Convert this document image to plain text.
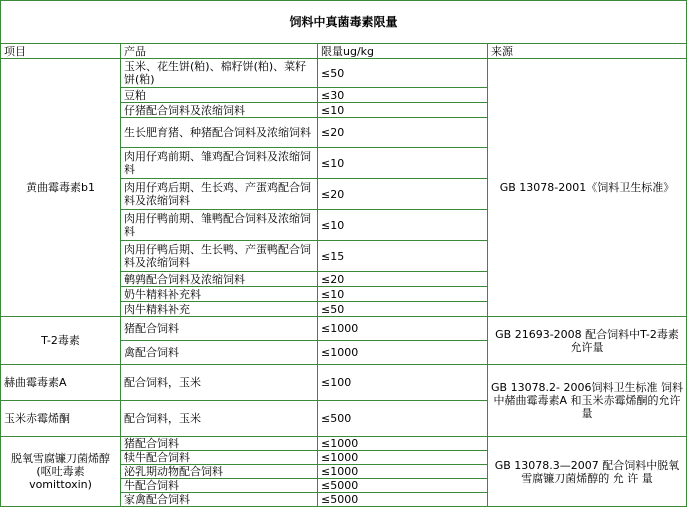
饲料中真菌毒素限量			
项目	产品	限量ug/kg	来源
黄曲霉毒素b1	玉米、花生饼(粕)、棉籽饼(粕)、菜籽饼(粕)	≤50	GB 13078-2001《饲料卫生标准》
	豆粕	≤30	
	仔猪配合饲料及浓缩饲料	≤10	
	生长肥育猪、种猪配合饲料及浓缩饲料	≤20	
	肉用仔鸡前期、雏鸡配合饲料及浓缩饲料	≤10	
	肉用仔鸡后期、生长鸡、产蛋鸡配合饲料及浓缩饲料	≤20	
	肉用仔鸭前期、雏鸭配合饲料及浓缩饲料	≤10	
	肉用仔鸭后期、生长鸭、产蛋鸭配合饲料及浓缩饲料	≤15	
	鹌鹑配合饲料及浓缩饲料	≤20	
	奶牛精料补充料	≤10	
	肉牛精料补充	≤50	
T-2毒素	猪配合饲料	≤1000	GB 21693-2008 配合饲料中T-2毒素允许量
	禽配合饲料	≤1000	
赫曲霉毒素A	配合饲料，玉米	≤100	GB 13078.2- 2006饲料卫生标准 饲料中赭曲霉毒素A 和玉米赤霉烯酮的允许量
玉米赤霉烯酮	配合饲料，玉米	≤500	
脱氧雪腐镰刀菌烯醇(呕吐毒素 vomittoxin)	猪配合饲料	≤1000	GB 13078.3—2007 配合饲料中脱氧雪腐镰刀菌烯醇的 允 许 量
	犊牛配合饲料	≤1000	
	泌乳期动物配合饲料	≤1000	
	牛配合饲料	≤5000	
	家禽配合饲料	≤5000	
